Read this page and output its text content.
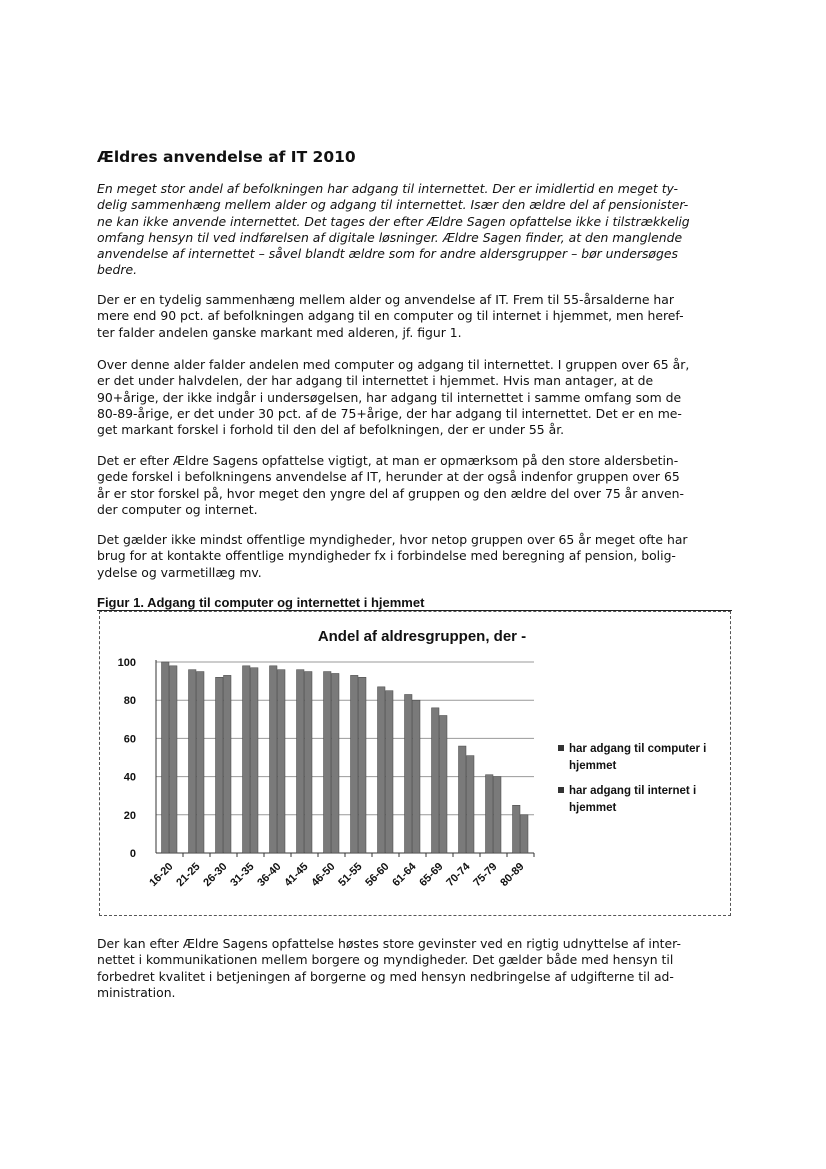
Ældres anvendelse af IT 2010
En meget stor andel af befolkningen har adgang til internettet. Der er imidlertid en meget ty-
delig sammenhæng mellem alder og adgang til internettet. Især den ældre del af pensionister-
ne kan ikke anvende internettet. Det tages der efter Ældre Sagen opfattelse ikke i tilstrækkelig
omfang hensyn til ved indførelsen af digitale løsninger. Ældre Sagen finder, at den manglende
anvendelse af internettet – såvel blandt ældre som for andre aldersgrupper – bør undersøges
bedre.
Der er en tydelig sammenhæng mellem alder og anvendelse af IT. Frem til 55-årsalderne har
mere end 90 pct. af befolkningen adgang til en computer og til internet i hjemmet, men heref-
ter falder andelen ganske markant med alderen, jf. figur 1.
Over denne alder falder andelen med computer og adgang til internettet. I gruppen over 65 år,
er det under halvdelen, der har adgang til internettet i hjemmet. Hvis man antager, at de
90+årige, der ikke indgår i undersøgelsen, har adgang til internettet i samme omfang som de
80-89-årige, er det under 30 pct. af de 75+årige, der har adgang til internettet. Det er en me-
get markant forskel i forhold til den del af befolkningen, der er under 55 år.
Det er efter Ældre Sagens opfattelse vigtigt, at man er opmærksom på den store aldersbetin-
gede forskel i befolkningens anvendelse af IT, herunder at der også indenfor gruppen over 65
år er stor forskel på, hvor meget den yngre del af gruppen og den ældre del over 75 år anven-
der computer og internet.
Det gælder ikke mindst offentlige myndigheder, hvor netop gruppen over 65 år meget ofte har
brug for at kontakte offentlige myndigheder fx i forbindelse med beregning af pension, bolig-
ydelse og varmetillæg mv.
Figur 1. Adgang til computer og internettet i hjemmet
Andel af aldresgruppen, der -
16-20
21-25
26-30
31-35
36-40
41-45
46-50
51-55
56-60
61-64
65-69
70-74
75-79
80-89
0
20
40
60
80
100
har adgang til computer i
hjemmet
har adgang til internet i
hjemmet
Der kan efter Ældre Sagens opfattelse høstes store gevinster ved en rigtig udnyttelse af inter-
nettet i kommunikationen mellem borgere og myndigheder. Det gælder både med hensyn til
forbedret kvalitet i betjeningen af borgerne og med hensyn nedbringelse af udgifterne til ad-
ministration.
